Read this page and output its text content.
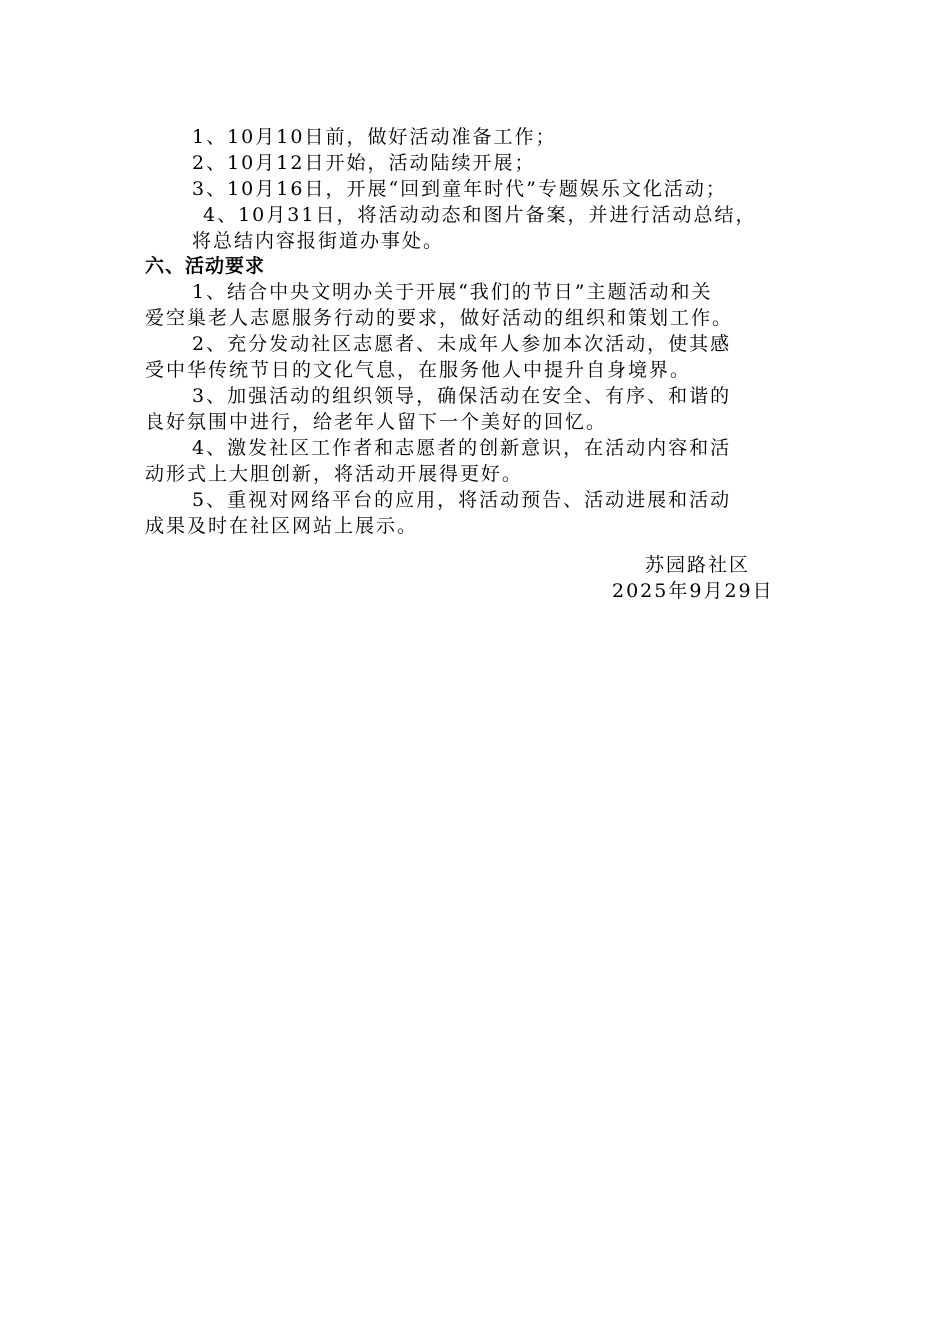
1、10月10日前，做好活动准备工作；
2、10月12日开始，活动陆续开展；
3、10月16日，开展“回到童年时代”专题娱乐文化活动；
4、10月31日，将活动动态和图片备案，并进行活动总结，
将总结内容报街道办事处。
六、活动要求
1、结合中央文明办关于开展“我们的节日”主题活动和关
爱空巢老人志愿服务行动的要求，做好活动的组织和策划工作。
2、充分发动社区志愿者、未成年人参加本次活动，使其感
受中华传统节日的文化气息，在服务他人中提升自身境界。
3、加强活动的组织领导，确保活动在安全、有序、和谐的
良好氛围中进行，给老年人留下一个美好的回忆。
4、激发社区工作者和志愿者的创新意识，在活动内容和活
动形式上大胆创新，将活动开展得更好。
5、重视对网络平台的应用，将活动预告、活动进展和活动
成果及时在社区网站上展示。
苏园路社区
2025年9月29日
